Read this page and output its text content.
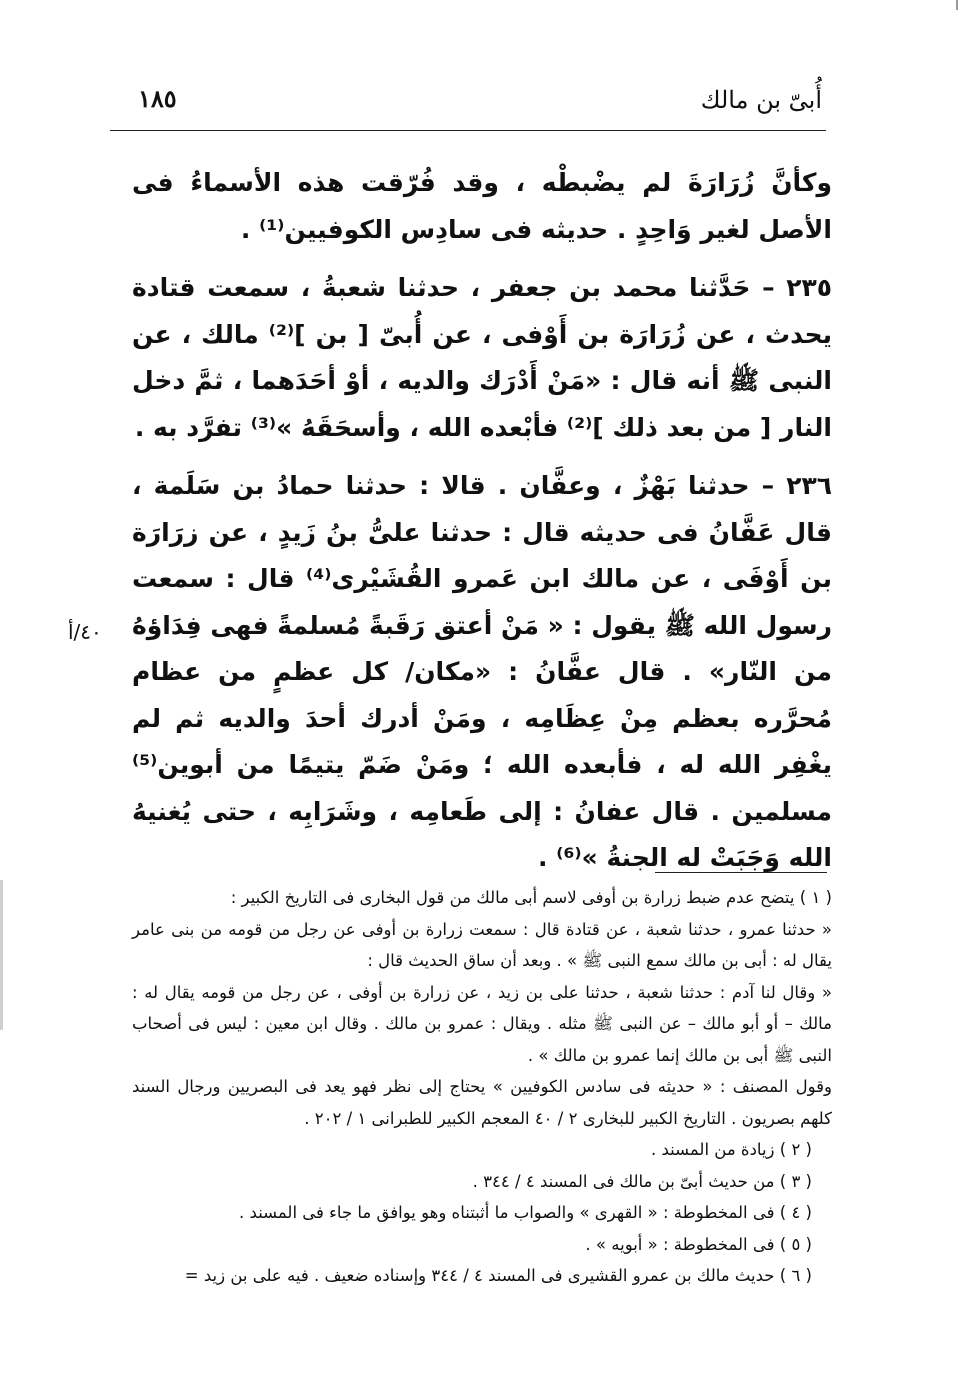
أُبىّ بن مالك
١٨٥
٤٠/أ

وكأنَّ زُرَارَةَ لم يضْبطْه ، وقد فُرّقت هذه الأسماءُ فى الأصل لغير وَاحِدٍ . حديثه فى سادِس الكوفيين⁽¹⁾ .

٢٣٥ – حَدَّثنا محمد بن جعفر ، حدثنا شعبةُ ، سمعت قتادة يحدث ، عن زُرَارَة بن أَوْفى ، عن أُبىّ [ بن ]⁽²⁾ مالك ، عن النبى ﷺ أنه قال : «مَنْ أَدْرَك والديه ، أوْ أحَدَهما ، ثمَّ دخل النار [ من بعد ذلك ]⁽²⁾ فأبْعده الله ، وأسحَقَهُ »⁽³⁾ تفرَّد به .

٢٣٦ – حدثنا بَهْزٌ ، وعفَّان . قالا : حدثنا حمادُ بن سَلَمة ، قال عَفَّانُ فى حديثه قال : حدثنا علىُّ بنُ زَيدٍ ، عن زرَارَة بن أَوْفَى ، عن مالك ابن عَمرو القُشَيْرى⁽⁴⁾ قال : سمعت رسول الله ﷺ يقول : « مَنْ أعتق رَقَبةً مُسلمةً فهى فِدَاؤهُ من النّار» . قال عفَّانُ : «مكان/ كل عظمٍ من عظام مُحرَّره بعظم مِنْ عِظَامِه ، ومَنْ أدرك أحدَ والديه ثم لم يغْفِر الله له ، فأبعده الله ؛ ومَنْ ضَمّ يتيمًا من أبوين⁽⁵⁾ مسلمين . قال عفانُ : إلى طَعامِه ، وشَرَابِه ، حتى يُغنيهُ الله وَجَبَتْ له الجنةُ »⁽⁶⁾ .

( ١ ) يتضح عدم ضبط زرارة بن أوفى لاسم أبى مالك من قول البخارى فى التاريخ الكبير :

« حدثنا عمرو ، حدثنا شعبة ، عن قتادة قال : سمعت زرارة بن أوفى عن رجل من قومه من بنى عامر يقال له : أبى بن مالك سمع النبى ﷺ » . وبعد أن ساق الحديث قال :

« وقال لنا آدم : حدثنا شعبة ، حدثنا على بن زيد ، عن زرارة بن أوفى ، عن رجل من قومه يقال له : مالك – أو أبو مالك – عن النبى ﷺ مثله . ويقال : عمرو بن مالك . وقال ابن معين : ليس فى أصحاب النبى ﷺ أبى بن مالك إنما عمرو بن مالك » .

وقول المصنف : « حديثه فى سادس الكوفيين » يحتاج إلى نظر فهو يعد فى البصريين ورجال السند كلهم بصريون . التاريخ الكبير للبخارى ٢ / ٤٠ المعجم الكبير للطبرانى ١ / ٢٠٢ .

( ٢ ) زيادة من المسند .

( ٣ ) من حديث أبىّ بن مالك فى المسند ٤ / ٣٤٤ .

( ٤ ) فى المخطوطة : « القهرى » والصواب ما أثبتناه وهو يوافق ما جاء فى المسند .

( ٥ ) فى المخطوطة : « أبويه » .

( ٦ ) حديث مالك بن عمرو القشيرى فى المسند ٤ / ٣٤٤ وإسناده ضعيف . فيه على بن زيد =
